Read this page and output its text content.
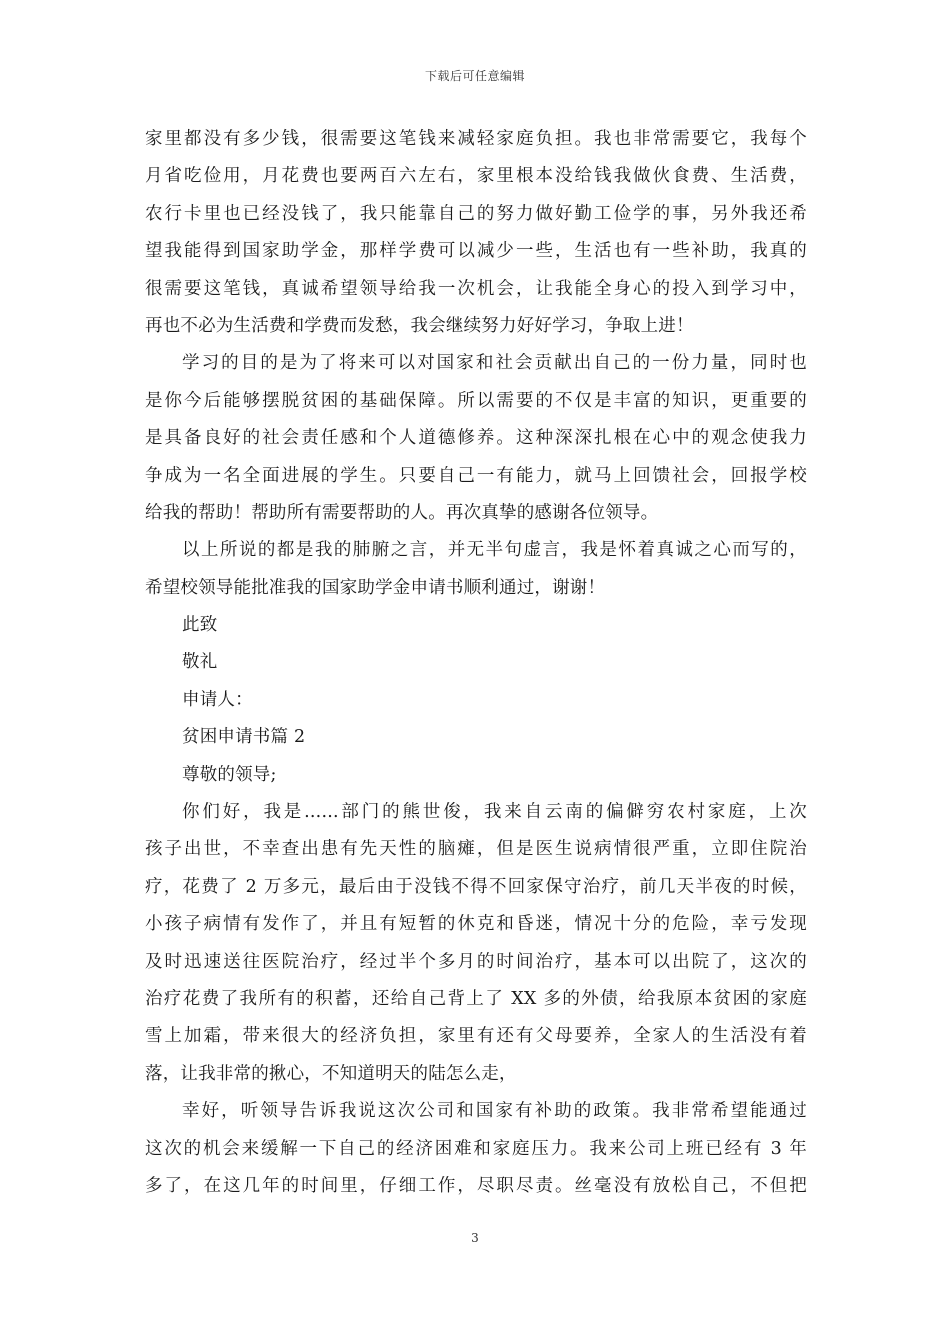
下载后可任意编辑
家里都没有多少钱，很需要这笔钱来减轻家庭负担。我也非常需要它，我每个
月省吃俭用，月花费也要两百六左右，家里根本没给钱我做伙食费、生活费，
农行卡里也已经没钱了，我只能靠自己的努力做好勤工俭学的事，另外我还希
望我能得到国家助学金，那样学费可以减少一些，生活也有一些补助，我真的
很需要这笔钱，真诚希望领导给我一次机会，让我能全身心的投入到学习中，
再也不必为生活费和学费而发愁，我会继续努力好好学习，争取上进！
学习的目的是为了将来可以对国家和社会贡献出自己的一份力量，同时也
是你今后能够摆脱贫困的基础保障。所以需要的不仅是丰富的知识，更重要的
是具备良好的社会责任感和个人道德修养。这种深深扎根在心中的观念使我力
争成为一名全面进展的学生。只要自己一有能力，就马上回馈社会，回报学校
给我的帮助！帮助所有需要帮助的人。再次真挚的感谢各位领导。
以上所说的都是我的肺腑之言，并无半句虚言，我是怀着真诚之心而写的，
希望校领导能批准我的国家助学金申请书顺利通过，谢谢！
此致
敬礼
申请人：
贫困申请书篇 2
尊敬的领导;
你们好，我是......部门的熊世俊，我来自云南的偏僻穷农村家庭，上次
孩子出世，不幸查出患有先天性的脑瘫，但是医生说病情很严重，立即住院治
疗，花费了 2 万多元，最后由于没钱不得不回家保守治疗，前几天半夜的时候，
小孩子病情有发作了，并且有短暂的休克和昏迷，情况十分的危险，幸亏发现
及时迅速送往医院治疗，经过半个多月的时间治疗，基本可以出院了，这次的
治疗花费了我所有的积蓄，还给自己背上了 XX 多的外债，给我原本贫困的家庭
雪上加霜，带来很大的经济负担，家里有还有父母要养，全家人的生活没有着
落，让我非常的揪心，不知道明天的陆怎么走，
幸好，听领导告诉我说这次公司和国家有补助的政策。我非常希望能通过
这次的机会来缓解一下自己的经济困难和家庭压力。我来公司上班已经有 3 年
多了，在这几年的时间里，仔细工作，尽职尽责。丝毫没有放松自己，不但把
3
